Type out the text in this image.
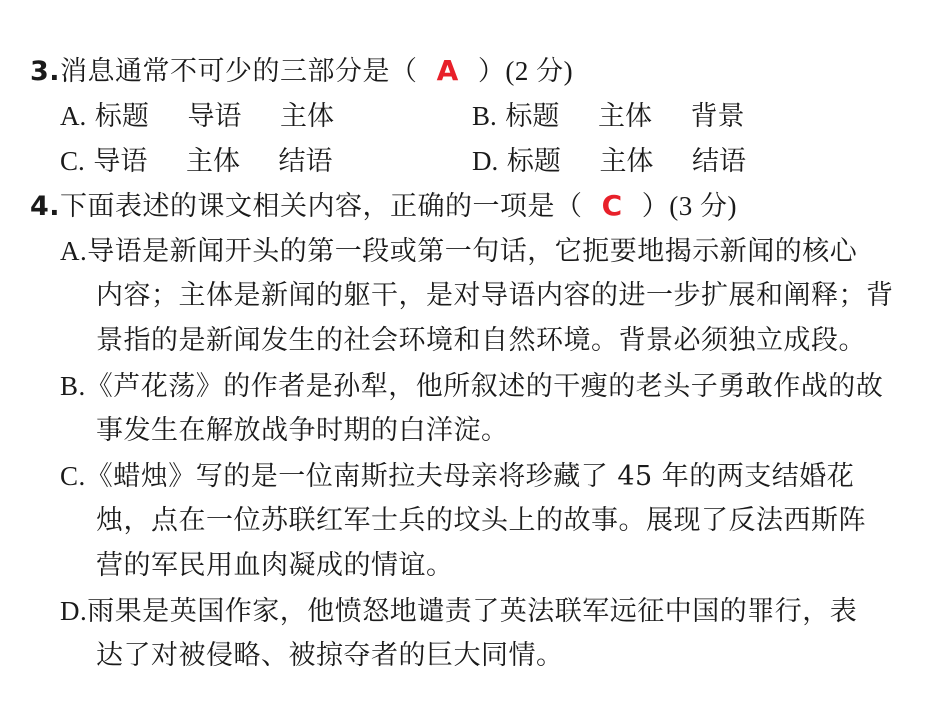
3.消息通常不可少的三部分是（ A ）(2 分)
A. 标题 导语 主体	B. 标题 主体 背景
C. 导语 主体 结语	D. 标题 主体 结语
4.下面表述的课文相关内容，正确的一项是（ C ）(3 分)
A.导语是新闻开头的第一段或第一句话，它扼要地揭示新闻的核心
内容；主体是新闻的躯干，是对导语内容的进一步扩展和阐释；背
景指的是新闻发生的社会环境和自然环境。背景必须独立成段。
B.《芦花荡》的作者是孙犁，他所叙述的干瘦的老头子勇敢作战的故
事发生在解放战争时期的白洋淀。
C.《蜡烛》写的是一位南斯拉夫母亲将珍藏了 45 年的两支结婚花
烛，点在一位苏联红军士兵的坟头上的故事。展现了反法西斯阵
营的军民用血肉凝成的情谊。
D.雨果是英国作家，他愤怒地谴责了英法联军远征中国的罪行，表
达了对被侵略、被掠夺者的巨大同情。
